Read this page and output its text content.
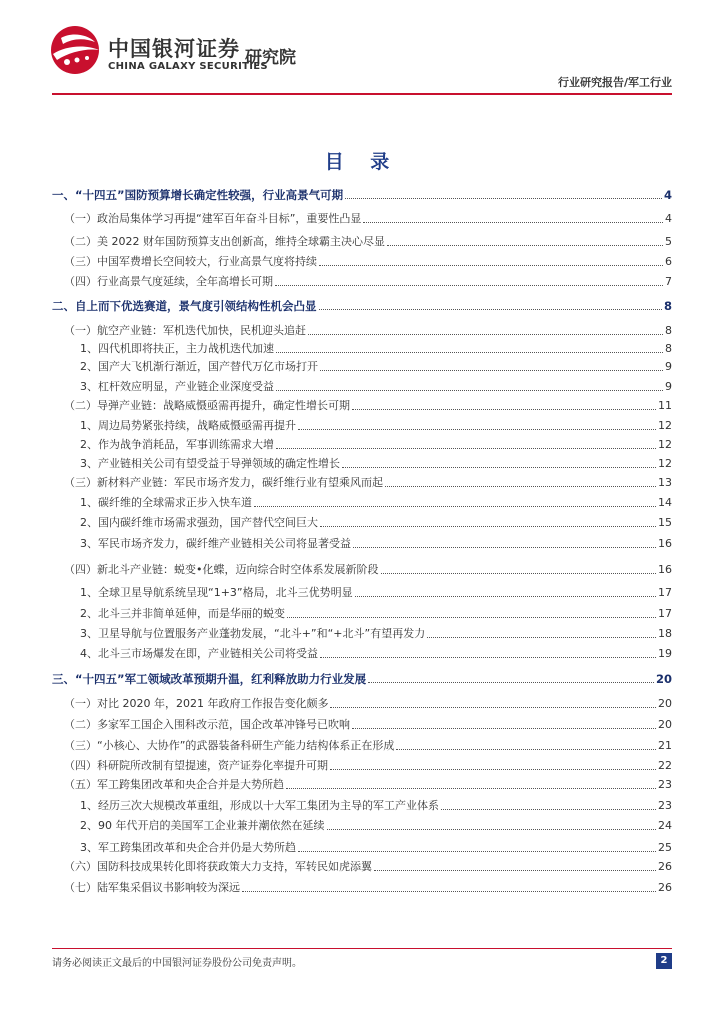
中国银河证券
CHINA GALAXY SECURITIES
研究院
行业研究报告/军工行业
目 录
一、“十四五”国防预算增长确定性较强，行业高景气可期	4
（一）政治局集体学习再提“建军百年奋斗目标”，重要性凸显	4
（二）美 2022 财年国防预算支出创新高，维持全球霸主决心尽显	5
（三）中国军费增长空间较大，行业高景气度将持续	6
（四）行业高景气度延续，全年高增长可期	7
二、自上而下优选赛道，景气度引领结构性机会凸显	8
（一）航空产业链：军机迭代加快，民机迎头追赶	8
1、四代机即将扶正，主力战机迭代加速	8
2、国产大飞机渐行渐近，国产替代万亿市场打开	9
3、杠杆效应明显，产业链企业深度受益	9
（二）导弹产业链：战略威慑亟需再提升，确定性增长可期	11
1、周边局势紧张持续，战略威慑亟需再提升	12
2、作为战争消耗品，军事训练需求大增	12
3、产业链相关公司有望受益于导弹领域的确定性增长	12
（三）新材料产业链：军民市场齐发力，碳纤维行业有望乘风而起	13
1、碳纤维的全球需求正步入快车道	14
2、国内碳纤维市场需求强劲，国产替代空间巨大	15
3、军民市场齐发力，碳纤维产业链相关公司将显著受益	16
（四）新北斗产业链：蜕变•化蝶，迈向综合时空体系发展新阶段	16
1、全球卫星导航系统呈现“1+3”格局，北斗三优势明显	17
2、北斗三并非简单延伸，而是华丽的蜕变	17
3、卫星导航与位置服务产业蓬勃发展，“北斗+”和“+北斗”有望再发力	18
4、北斗三市场爆发在即，产业链相关公司将受益	19
三、“十四五”军工领域改革预期升温，红利释放助力行业发展	20
（一）对比 2020 年，2021 年政府工作报告变化颇多	20
（二）多家军工国企入围科改示范，国企改革冲锋号已吹响	20
（三）“小核心、大协作”的武器装备科研生产能力结构体系正在形成	21
（四）科研院所改制有望提速，资产证券化率提升可期	22
（五）军工跨集团改革和央企合并是大势所趋	23
1、经历三次大规模改革重组，形成以十大军工集团为主导的军工产业体系	23
2、90 年代开启的美国军工企业兼并潮依然在延续	24
3、军工跨集团改革和央企合并仍是大势所趋	25
（六）国防科技成果转化即将获政策大力支持，军转民如虎添翼	26
（七）陆军集采倡议书影响较为深远	26
请务必阅读正文最后的中国银河证券股份公司免责声明。	2
